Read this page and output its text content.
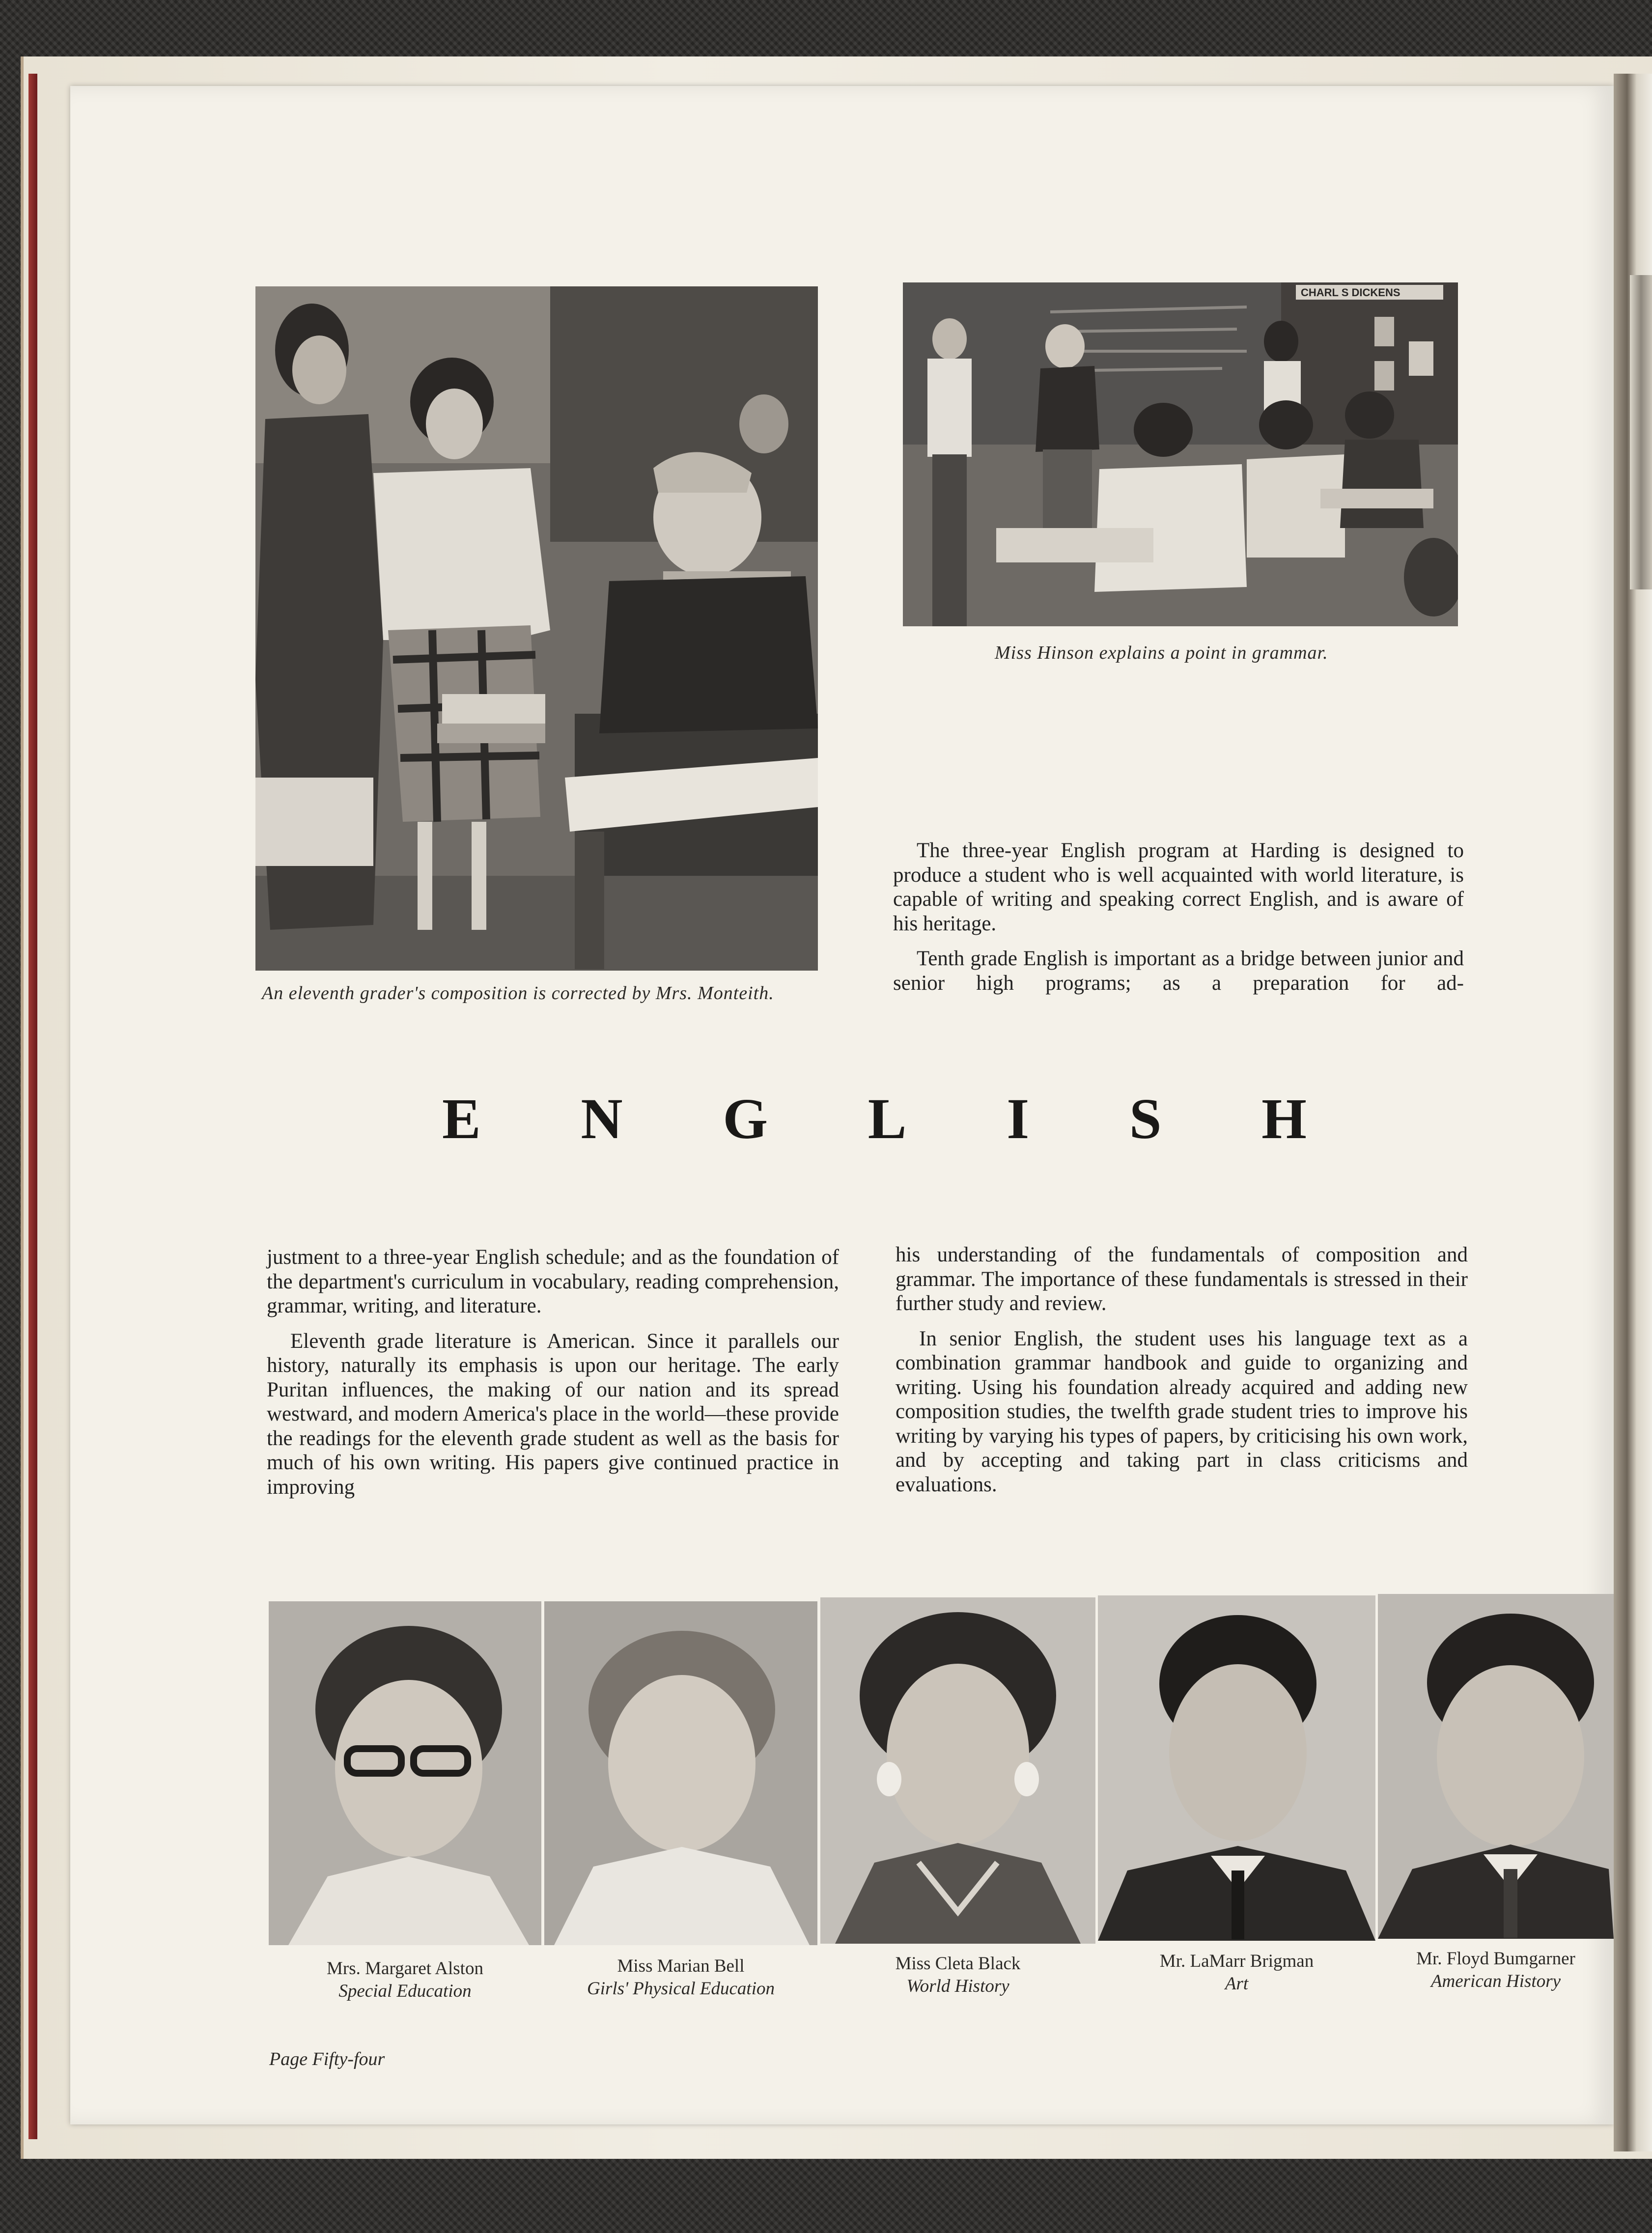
An eleventh grader's composition is corrected by Mrs. Monteith.
CHARL S DICKENS
Miss Hinson explains a point in grammar.

The three-year English program at Harding is designed to produce a student who is well acquainted with world literature, is capable of writing and speaking correct English, and is aware of his heritage.

Tenth grade English is important as a bridge between junior and senior high programs; as a preparation for ad-

E N G L I S H

justment to a three-year English schedule; and as the foundation of the department's curriculum in vocabulary, reading comprehension, grammar, writing, and literature.

Eleventh grade literature is American. Since it parallels our history, naturally its emphasis is upon our heritage. The early Puritan influences, the making of our nation and its spread westward, and modern America's place in the world—these provide the readings for the eleventh grade student as well as the basis for much of his own writing. His papers give continued practice in improving

his understanding of the fundamentals of composition and grammar. The importance of these fundamentals is stressed in their further study and review.

In senior English, the student uses his language text as a combination grammar handbook and guide to organizing and writing. Using his foundation already acquired and adding new composition studies, the twelfth grade student tries to improve his writing by varying his types of papers, by criticising his own work, and by accepting and taking part in class criticisms and evaluations.

Mrs. Margaret Alston
Special Education
Miss Marian Bell
Girls' Physical Education
Miss Cleta Black
World History
Mr. LaMarr Brigman
Art
Mr. Floyd Bumgarner
American History
Page Fifty-four
